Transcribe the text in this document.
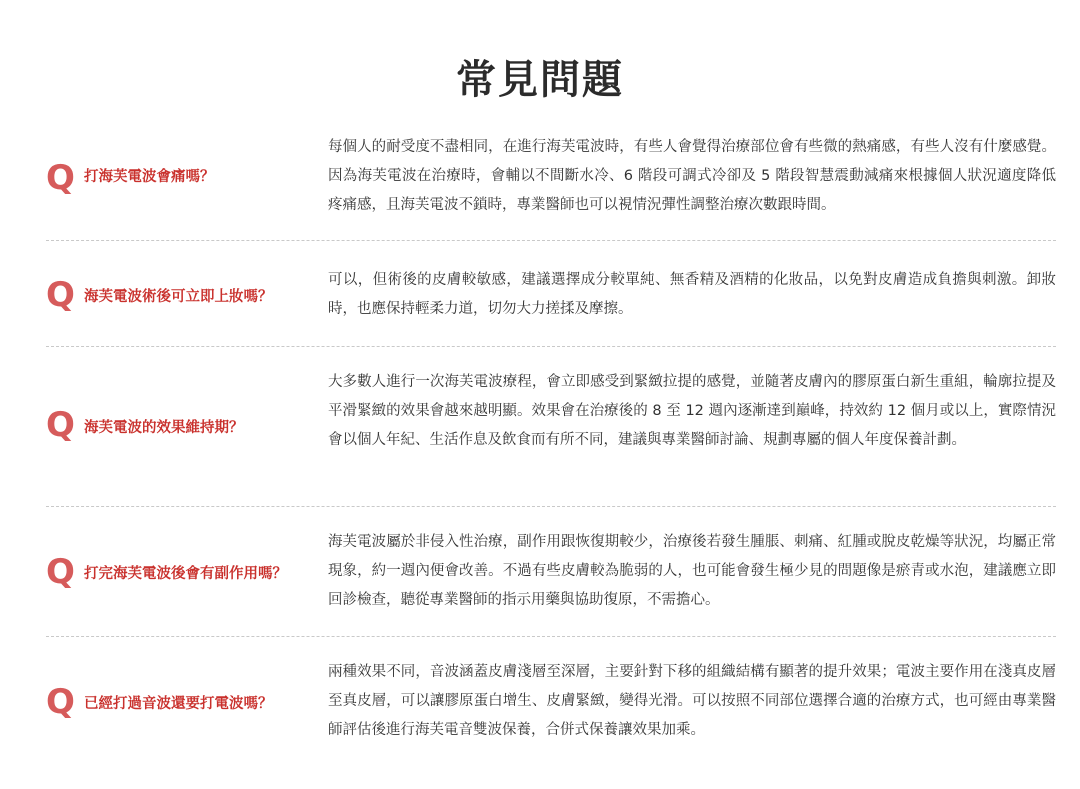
常見問題
Q 打海芙電波會痛嗎？

每個人的耐受度不盡相同，在進行海芙電波時，有些人會覺得治療部位會有些微的熱痛感，有些人沒有什麼感覺。因為海芙電波在治療時，會輔以不間斷水冷、6 階段可調式冷卻及 5 階段智慧震動減痛來根據個人狀況適度降低疼痛感，且海芙電波不鎖時，專業醫師也可以視情況彈性調整治療次數跟時間。

Q 海芙電波術後可立即上妝嗎？

可以，但術後的皮膚較敏感，建議選擇成分較單純、無香精及酒精的化妝品，以免對皮膚造成負擔與刺激。卸妝時，也應保持輕柔力道，切勿大力搓揉及摩擦。

Q 海芙電波的效果維持期？

大多數人進行一次海芙電波療程，會立即感受到緊緻拉提的感覺，並隨著皮膚內的膠原蛋白新生重組，輪廓拉提及平滑緊緻的效果會越來越明顯。效果會在治療後的 8 至 12 週內逐漸達到巔峰，持效約 12 個月或以上，實際情況會以個人年紀、生活作息及飲食而有所不同，建議與專業醫師討論、規劃專屬的個人年度保養計劃。

Q 打完海芙電波後會有副作用嗎？

海芙電波屬於非侵入性治療，副作用跟恢復期較少，治療後若發生腫脹、刺痛、紅腫或脫皮乾燥等狀況，均屬正常現象，約一週內便會改善。不過有些皮膚較為脆弱的人，也可能會發生極少見的問題像是瘀青或水泡，建議應立即回診檢查，聽從專業醫師的指示用藥與協助復原，不需擔心。

Q 已經打過音波還要打電波嗎？

兩種效果不同，音波涵蓋皮膚淺層至深層，主要針對下移的組織結構有顯著的提升效果；電波主要作用在淺真皮層至真皮層，可以讓膠原蛋白增生、皮膚緊緻，變得光滑。可以按照不同部位選擇合適的治療方式，也可經由專業醫師評估後進行海芙電音雙波保養，合併式保養讓效果加乘。
